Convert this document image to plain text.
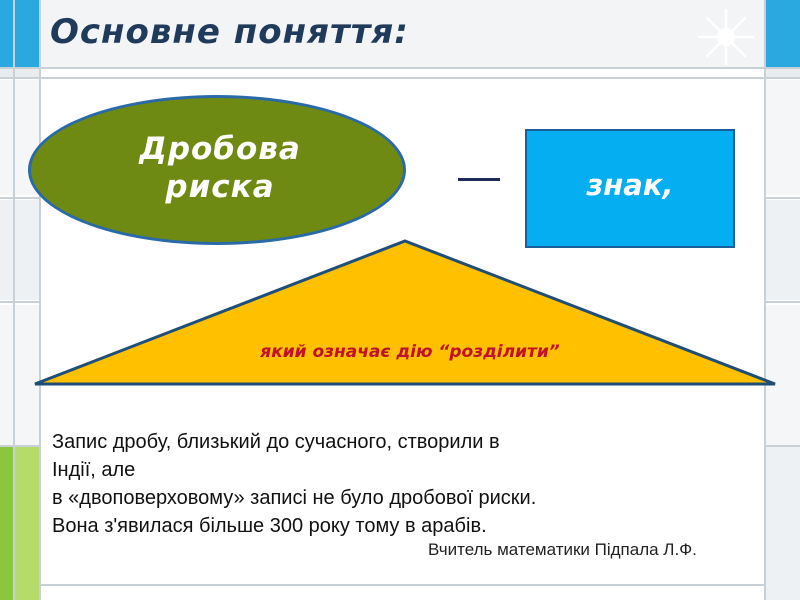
Основне поняття:

Дробова риска	знак,

який означає дію “розділити”

Запис дробу, близький до сучасного, створили в
Індії, але
в «двоповерховому» записі не було дробової риски.
Вона з'явилася більше 300 року тому в арабів.

Вчитель математики Підпала Л.Ф.
